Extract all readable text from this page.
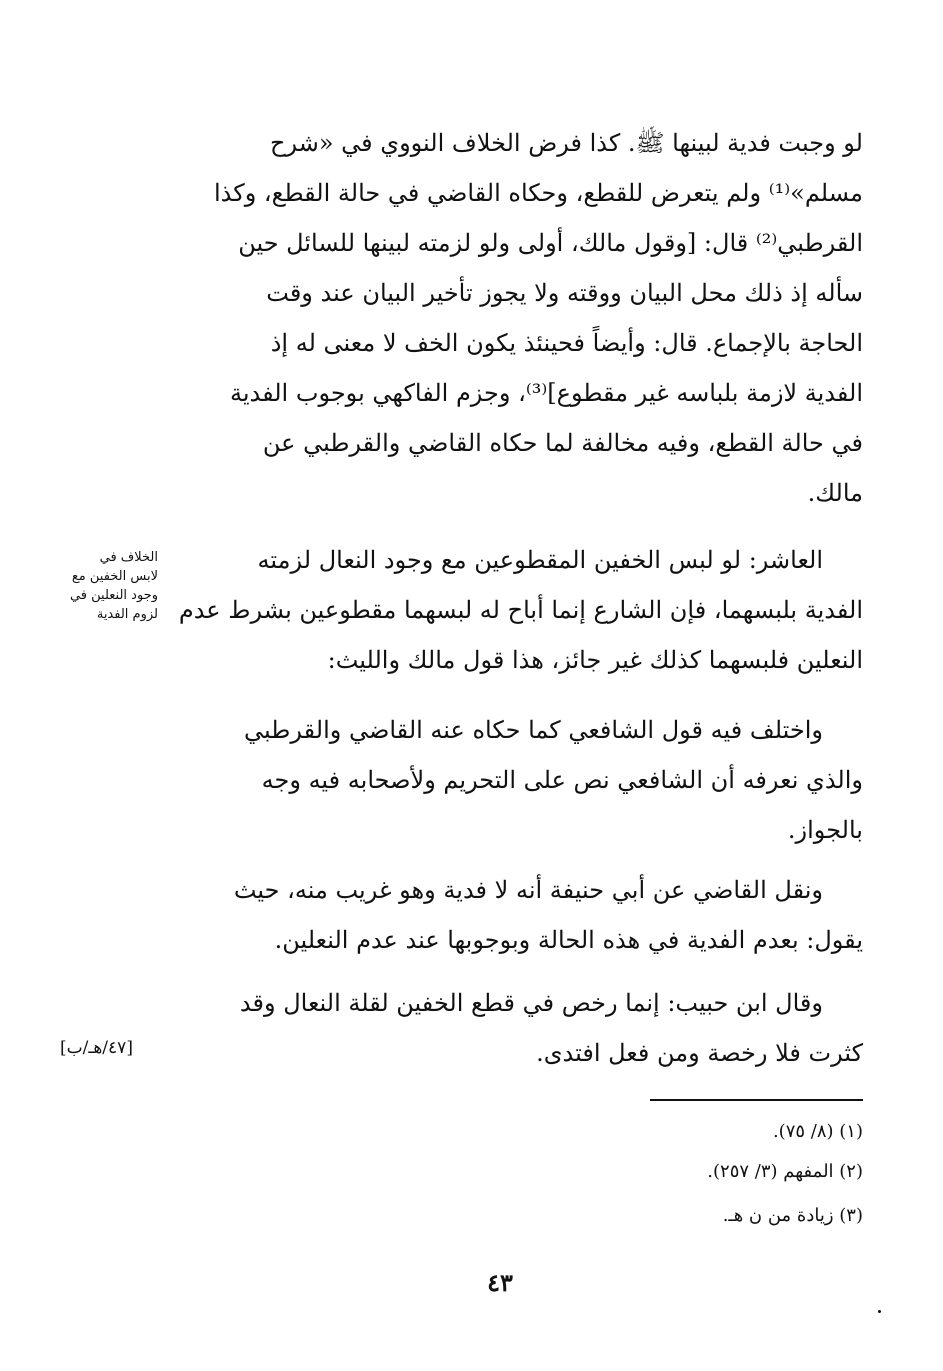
لو وجبت فدية لبينها ﷺ. كذا فرض الخلاف النووي في «شرح
مسلم»⁽¹⁾ ولم يتعرض للقطع، وحكاه القاضي في حالة القطع، وكذا
القرطبي⁽²⁾ قال: [وقول مالك، أولى ولو لزمته لبينها للسائل حين
سأله إذ ذلك محل البيان ووقته ولا يجوز تأخير البيان عند وقت
الحاجة بالإجماع. قال: وأيضاً فحينئذ يكون الخف لا معنى له إذ
الفدية لازمة بلباسه غير مقطوع]⁽³⁾، وجزم الفاكهي بوجوب الفدية
في حالة القطع، وفيه مخالفة لما حكاه القاضي والقرطبي عن
مالك.
العاشر: لو لبس الخفين المقطوعين مع وجود النعال لزمته
الفدية بلبسهما، فإن الشارع إنما أباح له لبسهما مقطوعين بشرط عدم
النعلين فلبسهما كذلك غير جائز، هذا قول مالك والليث:
الخلاف في
لابس الخفين مع
وجود النعلين في
لزوم الفدية
واختلف فيه قول الشافعي كما حكاه عنه القاضي والقرطبي
والذي نعرفه أن الشافعي نص على التحريم ولأصحابه فيه وجه
بالجواز.
ونقل القاضي عن أبي حنيفة أنه لا فدية وهو غريب منه، حيث
يقول: بعدم الفدية في هذه الحالة وبوجوبها عند عدم النعلين.
وقال ابن حبيب: إنما رخص في قطع الخفين لقلة النعال وقد
كثرت فلا رخصة ومن فعل افتدى.
[٤٧/هـ/ب]
(١) (٨/ ٧٥).
(٢) المفهم (٣/ ٢٥٧).
(٣) زيادة من ن هـ.
٤٣
